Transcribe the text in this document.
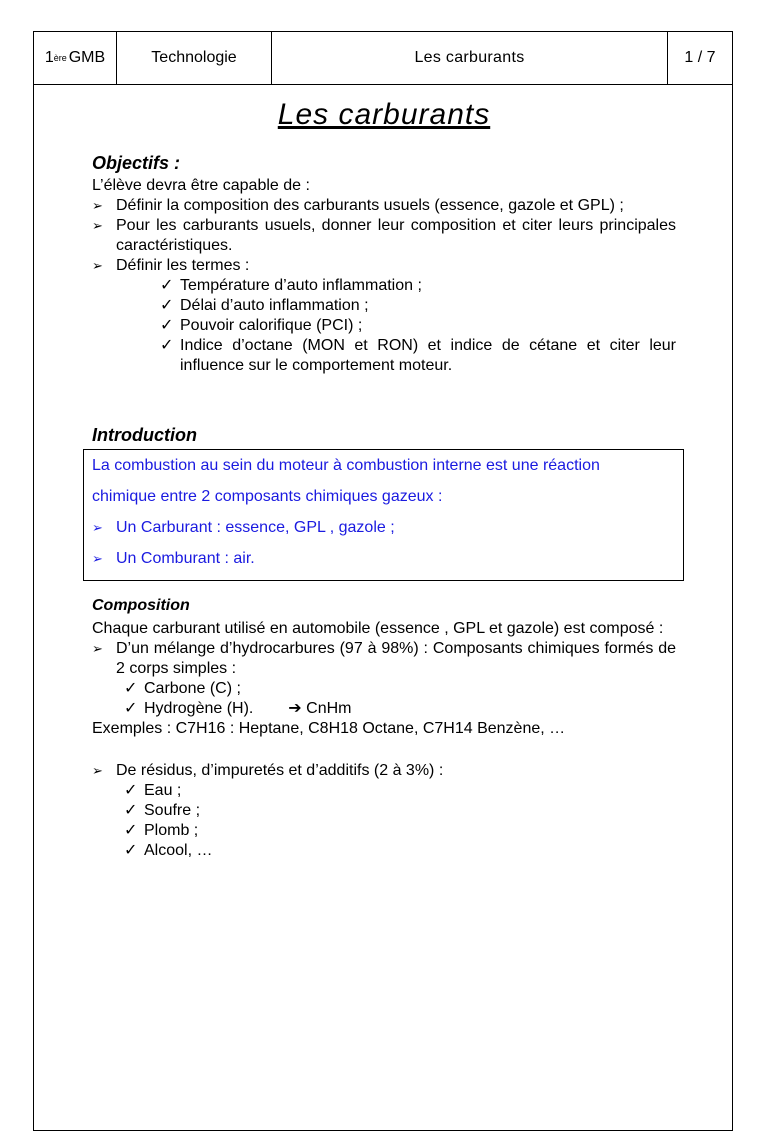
1 ère GMB	Technologie	Les carburants	1 / 7
Les carburants
Objectifs :
L’élève devra être capable de :
➢ Définir la composition des carburants usuels (essence, gazole et GPL) ;
➢ Pour les carburants usuels, donner leur composition et citer leurs principales caractéristiques.
➢ Définir les termes :
✓ Température d’auto inflammation ;
✓ Délai d’auto inflammation ;
✓ Pouvoir calorifique (PCI) ;
✓ Indice d’octane (MON et RON) et indice de cétane et citer leur influence sur le comportement moteur.
Introduction
La combustion au sein du moteur à combustion interne est une réaction
chimique entre 2 composants chimiques gazeux :
➢ Un Carburant : essence, GPL , gazole ;
➢ Un Comburant : air.
Composition
Chaque carburant utilisé en automobile (essence , GPL et gazole) est composé :
➢ D’un mélange d’hydrocarbures (97 à 98%) : Composants chimiques formés de 2 corps simples :
✓ Carbone (C) ;
✓ Hydrogène (H). ➔ CnHm
Exemples : C7H16 : Heptane, C8H18 Octane, C7H14 Benzène, …
➢ De résidus, d’impuretés et d’additifs (2 à 3%) :
✓ Eau ;
✓ Soufre ;
✓ Plomb ;
✓ Alcool, …
